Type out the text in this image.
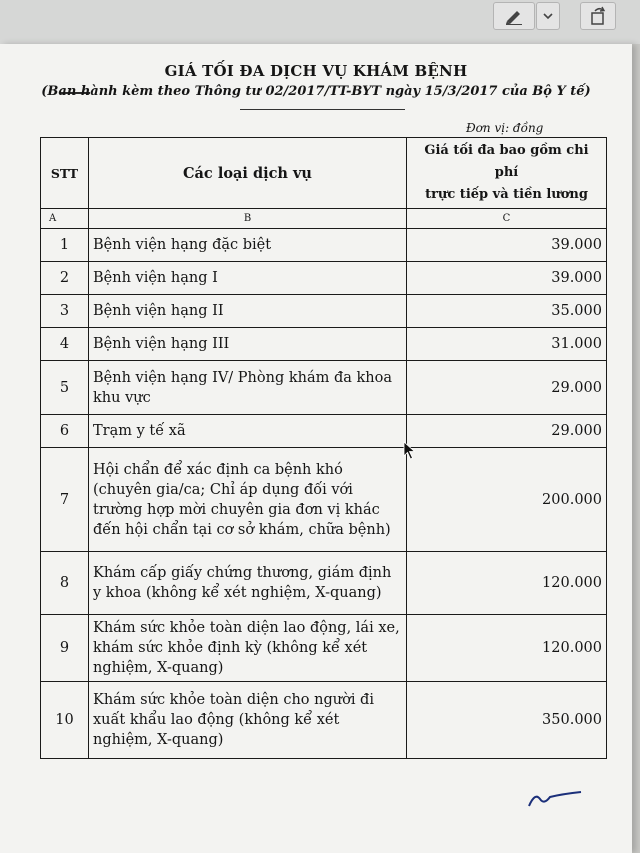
GIÁ TỐI ĐA DỊCH VỤ KHÁM BỆNH
(Ban hành kèm theo Thông tư 02/2017/TT-BYT ngày 15/3/2017 của Bộ Y tế)
Đơn vị: đồng
STT	Các loại dịch vụ	Giá tối đa bao gồm chi phí
trực tiếp và tiền lương
A	B	C
1	Bệnh viện hạng đặc biệt	39.000
2	Bệnh viện hạng I	39.000
3	Bệnh viện hạng II	35.000
4	Bệnh viện hạng III	31.000
5	Bệnh viện hạng IV/ Phòng khám đa khoa khu vực	29.000
6	Trạm y tế xã	29.000
7	Hội chẩn để xác định ca bệnh khó (chuyên gia/ca; Chỉ áp dụng đối với trường hợp mời chuyên gia đơn vị khác đến hội chẩn tại cơ sở khám, chữa bệnh)	200.000
8	Khám cấp giấy chứng thương, giám định y khoa (không kể xét nghiệm, X-quang)	120.000
9	Khám sức khỏe toàn diện lao động, lái xe, khám sức khỏe định kỳ (không kể xét nghiệm, X-quang)	120.000
10	Khám sức khỏe toàn diện cho người đi xuất khẩu lao động (không kể xét nghiệm, X-quang)	350.000
